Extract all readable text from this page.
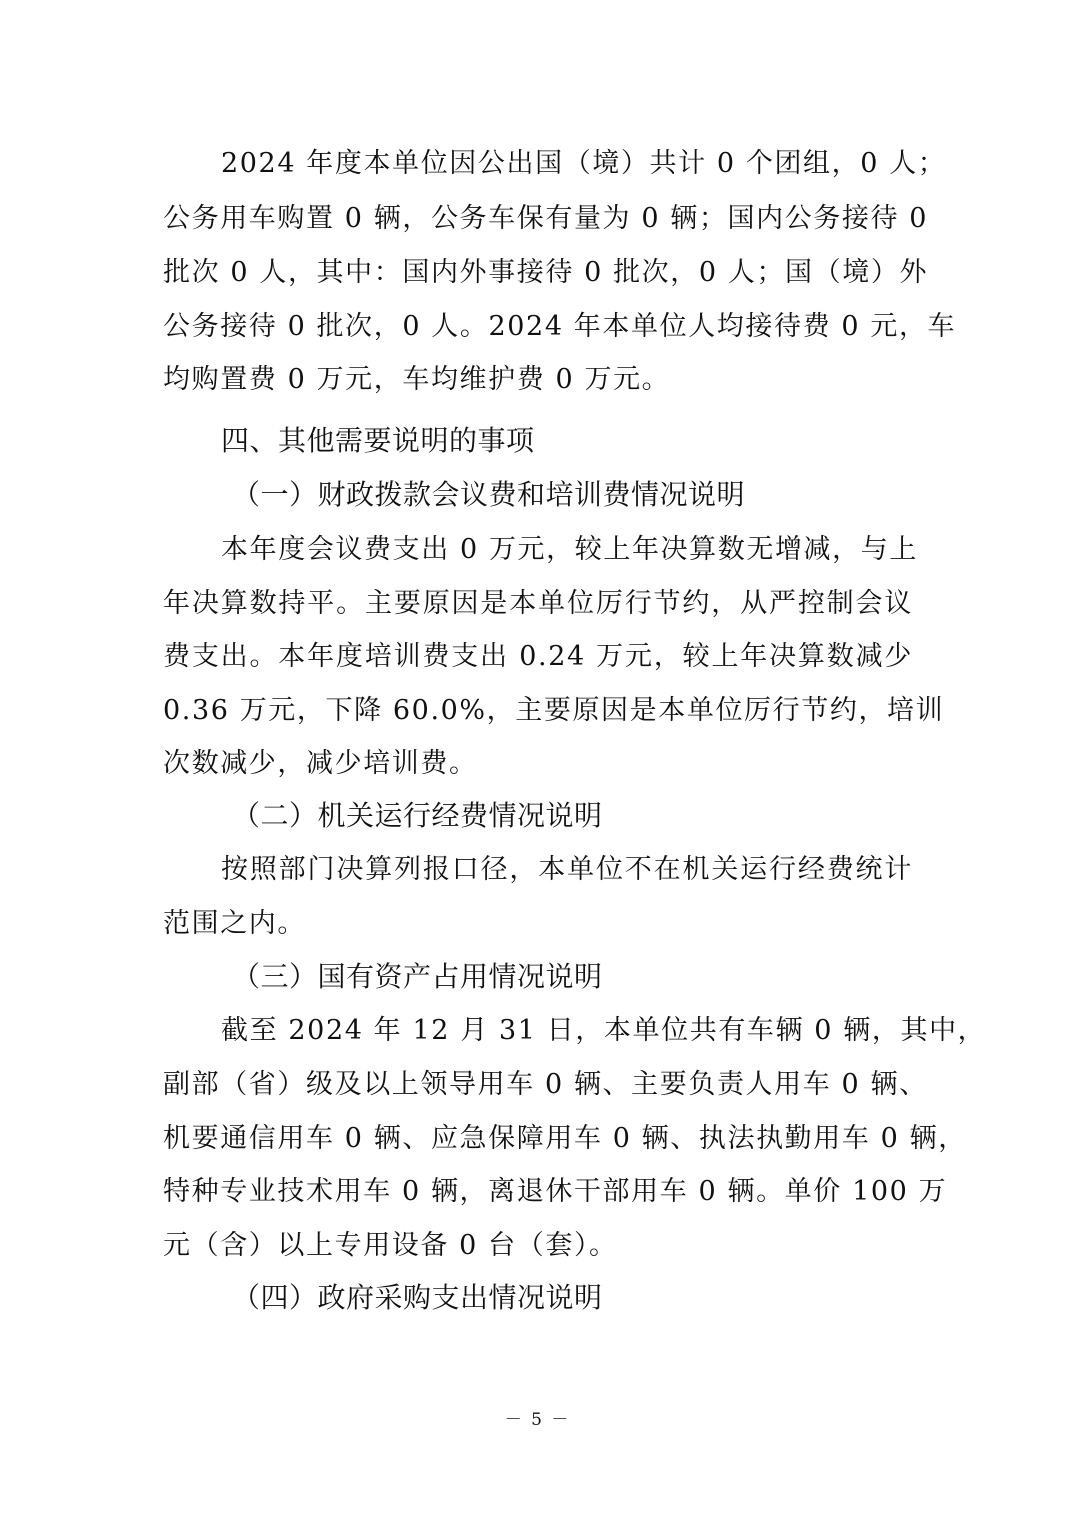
2024 年度本单位因公出国（境）共计 0 个团组，0 人；
公务用车购置 0 辆，公务车保有量为 0 辆；国内公务接待 0
批次 0 人，其中：国内外事接待 0 批次，0 人；国（境）外
公务接待 0 批次，0 人。2024 年本单位人均接待费 0 元，车
均购置费 0 万元，车均维护费 0 万元。
四、其他需要说明的事项
（一）财政拨款会议费和培训费情况说明
本年度会议费支出 0 万元，较上年决算数无增减，与上
年决算数持平。主要原因是本单位厉行节约，从严控制会议
费支出。本年度培训费支出 0.24 万元，较上年决算数减少
0.36 万元，下降 60.0%，主要原因是本单位厉行节约，培训
次数减少，减少培训费。
（二）机关运行经费情况说明
按照部门决算列报口径，本单位不在机关运行经费统计
范围之内。
（三）国有资产占用情况说明
截至 2024 年 12 月 31 日，本单位共有车辆 0 辆，其中，
副部（省）级及以上领导用车 0 辆、主要负责人用车 0 辆、
机要通信用车 0 辆、应急保障用车 0 辆、执法执勤用车 0 辆，
特种专业技术用车 0 辆，离退休干部用车 0 辆。单价 100 万
元（含）以上专用设备 0 台（套）。
（四）政府采购支出情况说明
－ 5 －
